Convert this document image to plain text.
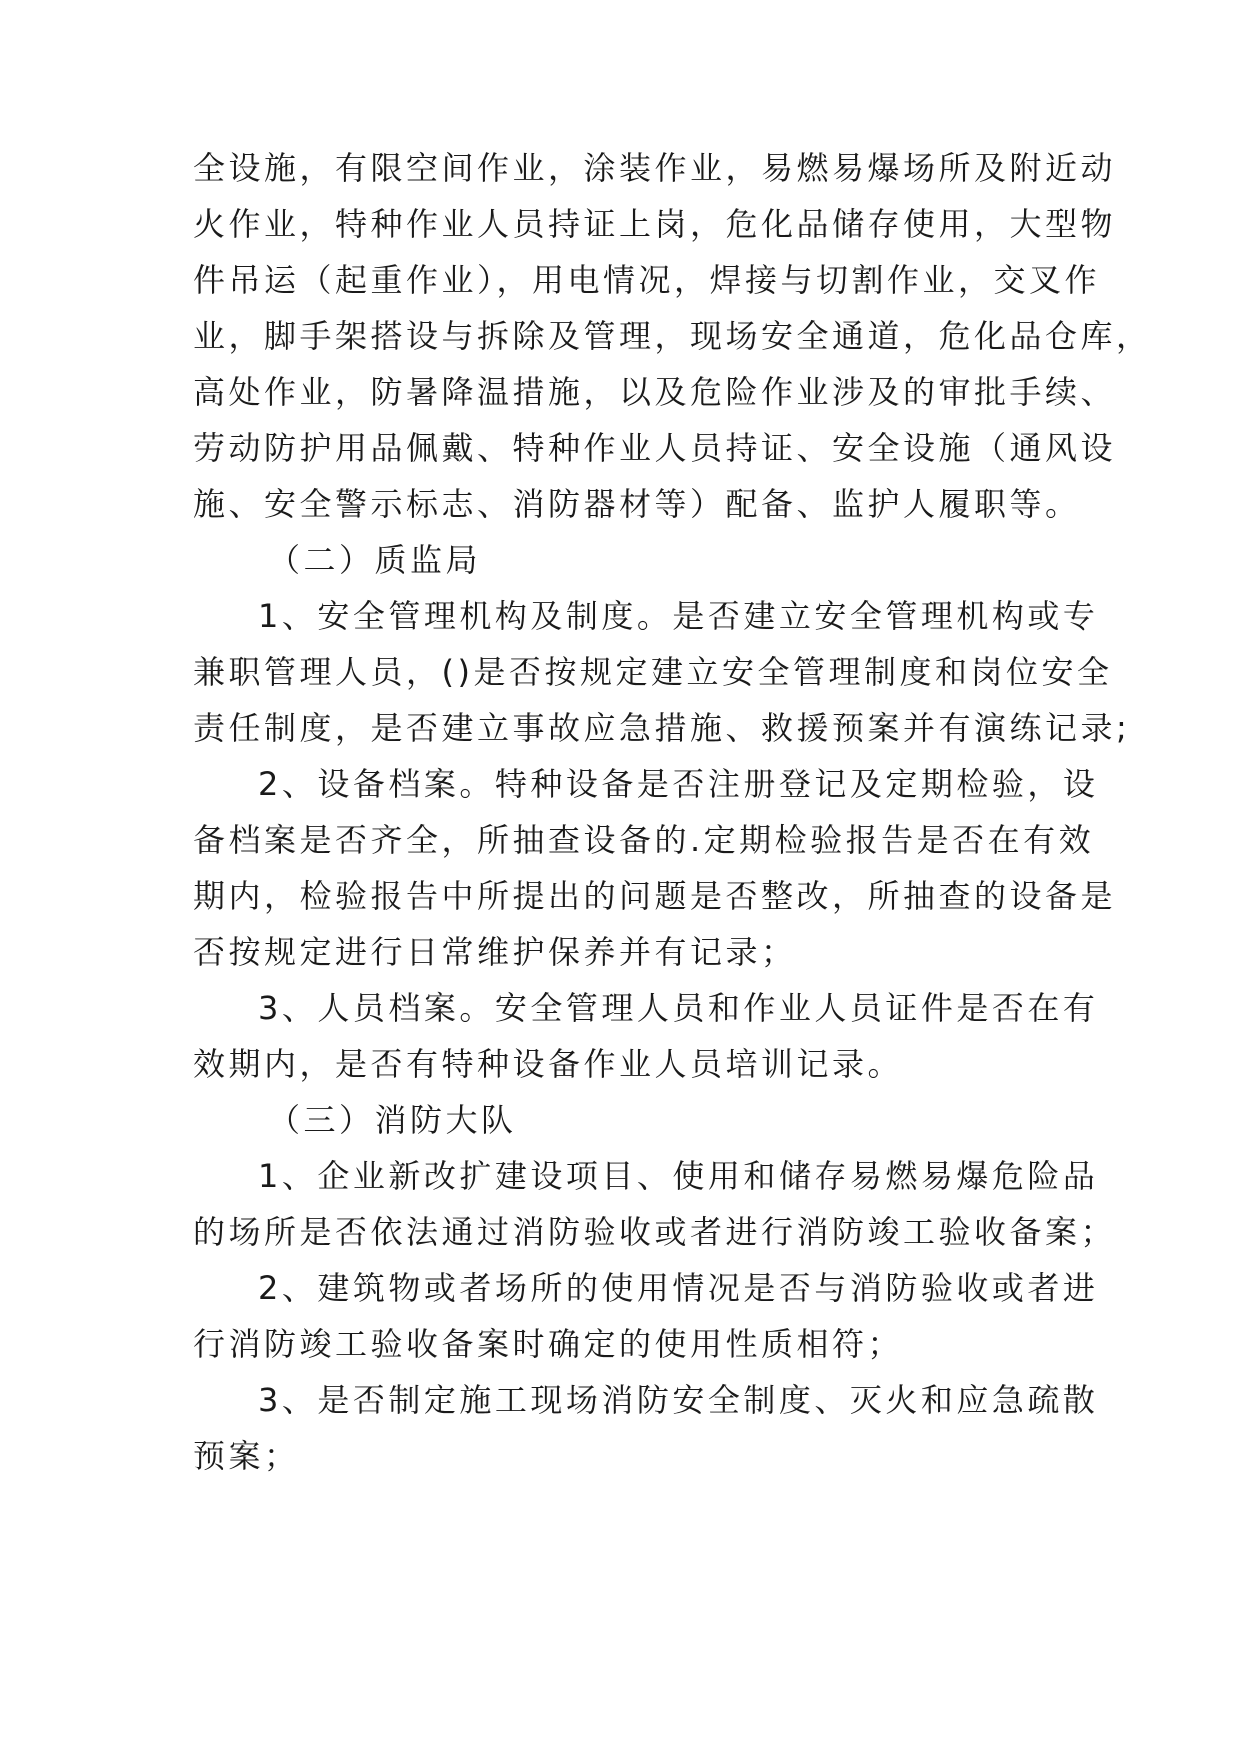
全设施，有限空间作业，涂装作业，易燃易爆场所及附近动
火作业，特种作业人员持证上岗，危化品储存使用，大型物
件吊运（起重作业），用电情况，焊接与切割作业，交叉作
业，脚手架搭设与拆除及管理，现场安全通道，危化品仓库，
高处作业，防暑降温措施，以及危险作业涉及的审批手续、
劳动防护用品佩戴、特种作业人员持证、安全设施（通风设
施、安全警示标志、消防器材等）配备、监护人履职等。
（二）质监局
1、安全管理机构及制度。是否建立安全管理机构或专
兼职管理人员，()是否按规定建立安全管理制度和岗位安全
责任制度，是否建立事故应急措施、救援预案并有演练记录;
2、设备档案。特种设备是否注册登记及定期检验，设
备档案是否齐全，所抽查设备的.定期检验报告是否在有效
期内，检验报告中所提出的问题是否整改，所抽查的设备是
否按规定进行日常维护保养并有记录；
3、人员档案。安全管理人员和作业人员证件是否在有
效期内，是否有特种设备作业人员培训记录。
（三）消防大队
1、企业新改扩建设项目、使用和储存易燃易爆危险品
的场所是否依法通过消防验收或者进行消防竣工验收备案；
2、建筑物或者场所的使用情况是否与消防验收或者进
行消防竣工验收备案时确定的使用性质相符；
3、是否制定施工现场消防安全制度、灭火和应急疏散
预案；
